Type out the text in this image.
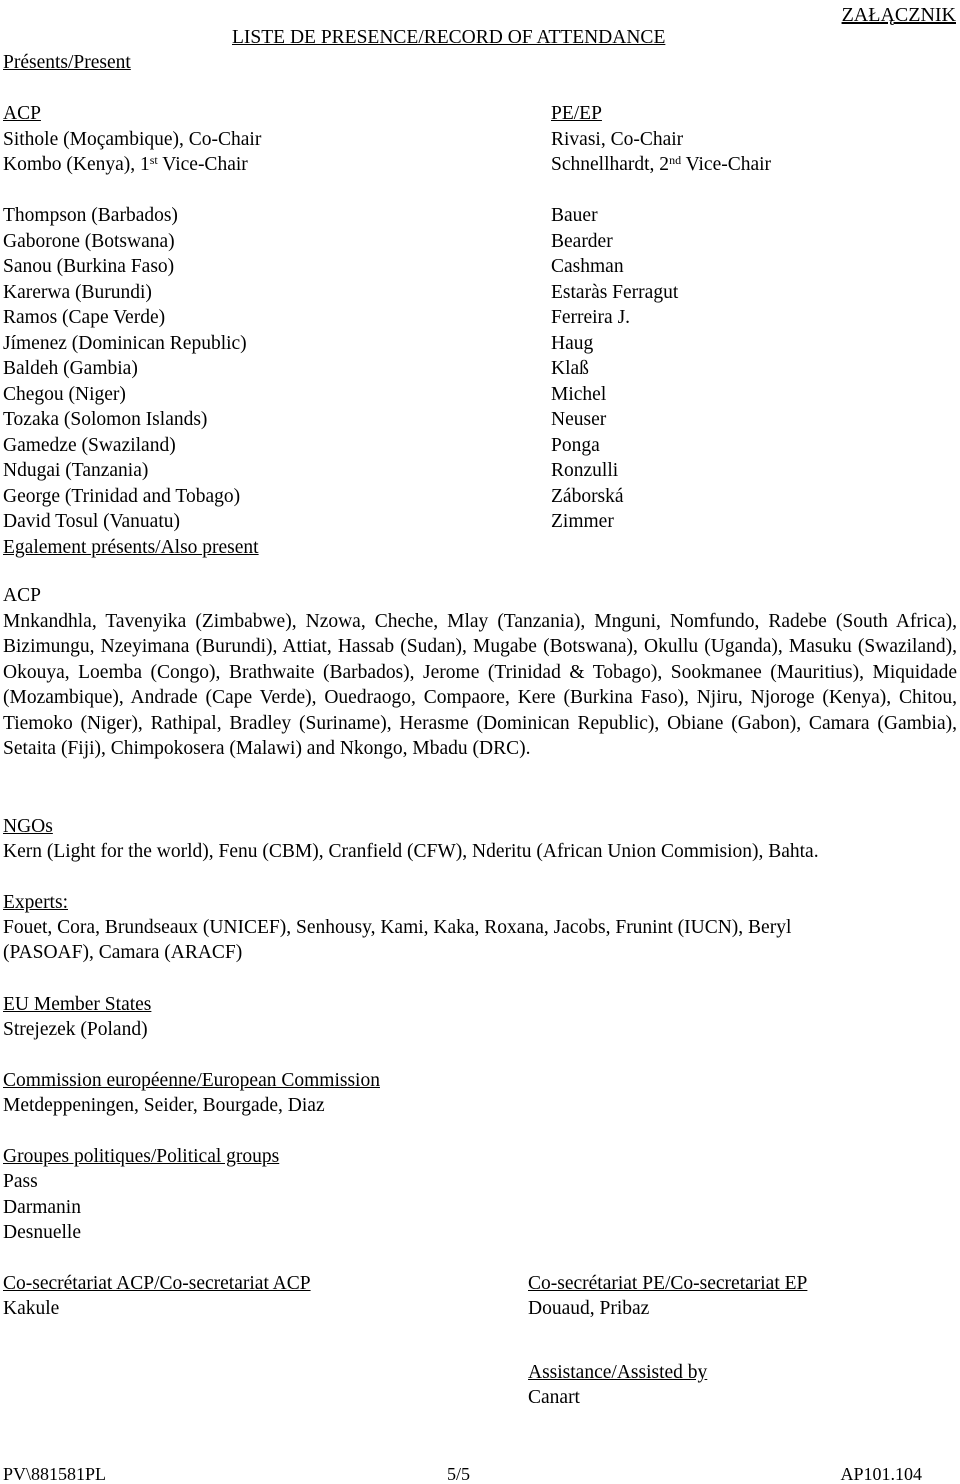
ZAŁĄCZNIK
LISTE DE PRESENCE/RECORD OF ATTENDANCE
Présents/Present
ACP
Sithole (Moçambique), Co-Chair
Kombo (Kenya), 1st Vice-Chair
Thompson (Barbados)
Gaborone (Botswana)
Sanou (Burkina Faso)
Karerwa (Burundi)
Ramos (Cape Verde)
Jímenez (Dominican Republic)
Baldeh (Gambia)
Chegou (Niger)
Tozaka (Solomon Islands)
Gamedze (Swaziland)
Ndugai (Tanzania)
George (Trinidad and Tobago)
David Tosul (Vanuatu)
Egalement présents/Also present
PE/EP
Rivasi, Co-Chair
Schnellhardt, 2nd Vice-Chair
Bauer
Bearder
Cashman
Estaràs Ferragut
Ferreira J.
Haug
Klaß
Michel
Neuser
Ponga
Ronzulli
Záborská
Zimmer
ACP
Mnkandhla, Tavenyika (Zimbabwe), Nzowa, Cheche, Mlay (Tanzania), Mnguni, Nomfundo, Radebe (South Africa), Bizimungu, Nzeyimana (Burundi), Attiat, Hassab (Sudan), Mugabe (Botswana), Okullu (Uganda), Masuku (Swaziland), Okouya, Loemba (Congo), Brathwaite (Barbados), Jerome (Trinidad & Tobago), Sookmanee (Mauritius), Miquidade (Mozambique), Andrade (Cape Verde), Ouedraogo, Compaore, Kere (Burkina Faso), Njiru, Njoroge (Kenya), Chitou, Tiemoko (Niger), Rathipal, Bradley (Suriname), Herasme (Dominican Republic), Obiane (Gabon), Camara (Gambia), Setaita (Fiji), Chimpokosera (Malawi) and Nkongo, Mbadu (DRC).
NGOs
Kern (Light for the world), Fenu (CBM), Cranfield (CFW), Nderitu (African Union Commision), Bahta.
Experts:
Fouet, Cora, Brundseaux (UNICEF), Senhousy, Kami, Kaka, Roxana, Jacobs, Frunint (IUCN), Beryl
(PASOAF), Camara (ARACF)
EU Member States
Strejezek (Poland)
Commission européenne/European Commission
Metdeppeningen, Seider, Bourgade, Diaz
Groupes politiques/Political groups
Pass
Darmanin
Desnuelle
Co-secrétariat ACP/Co-secretariat ACP
Kakule
Co-secrétariat PE/Co-secretariat EP
Douaud, Pribaz
Assistance/Assisted by
Canart
PV\881581PL	5/5	AP101.104
